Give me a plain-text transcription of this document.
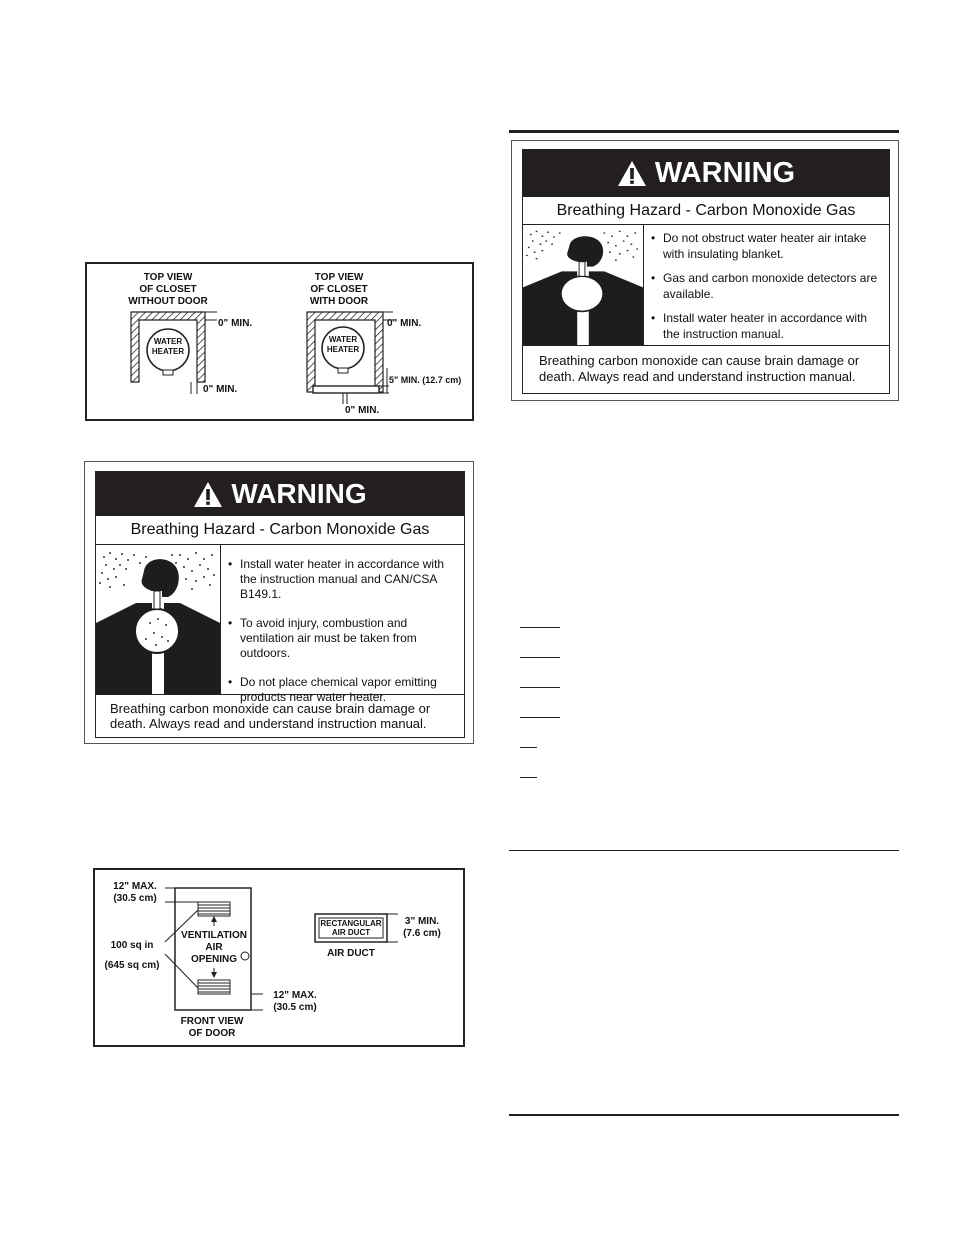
TOP VIEW
OF CLOSET
WITHOUT DOOR
TOP VIEW
OF CLOSET
WITH DOOR
WATER
HEATER
WATER
HEATER
0" MIN.
0" MIN.
0" MIN.
5" MIN. (12.7 cm)
0" MIN.
WARNING
Breathing Hazard - Carbon Monoxide Gas
• Install water heater in accordance with the instruction manual and CAN/CSA B149.1.
• To avoid injury, combustion and ventilation air must be taken from outdoors.
• Do not place chemical vapor emitting products near water heater.
Breathing carbon monoxide can cause brain damage or death. Always read and understand instruction manual.
12" MAX.
(30.5 cm)
100 sq in
(645 sq cm)
VENTILATION
AIR
OPENING
12" MAX.
(30.5 cm)
FRONT VIEW
OF DOOR
RECTANGULAR
AIR DUCT
3" MIN.
(7.6 cm)
AIR DUCT
WARNING
Breathing Hazard - Carbon Monoxide Gas
• Do not obstruct water heater air intake with insulating blanket.
• Gas and carbon monoxide detectors are available.
• Install water heater in accordance with the instruction manual.
Breathing carbon monoxide can cause brain damage or death. Always read and understand instruction manual.
